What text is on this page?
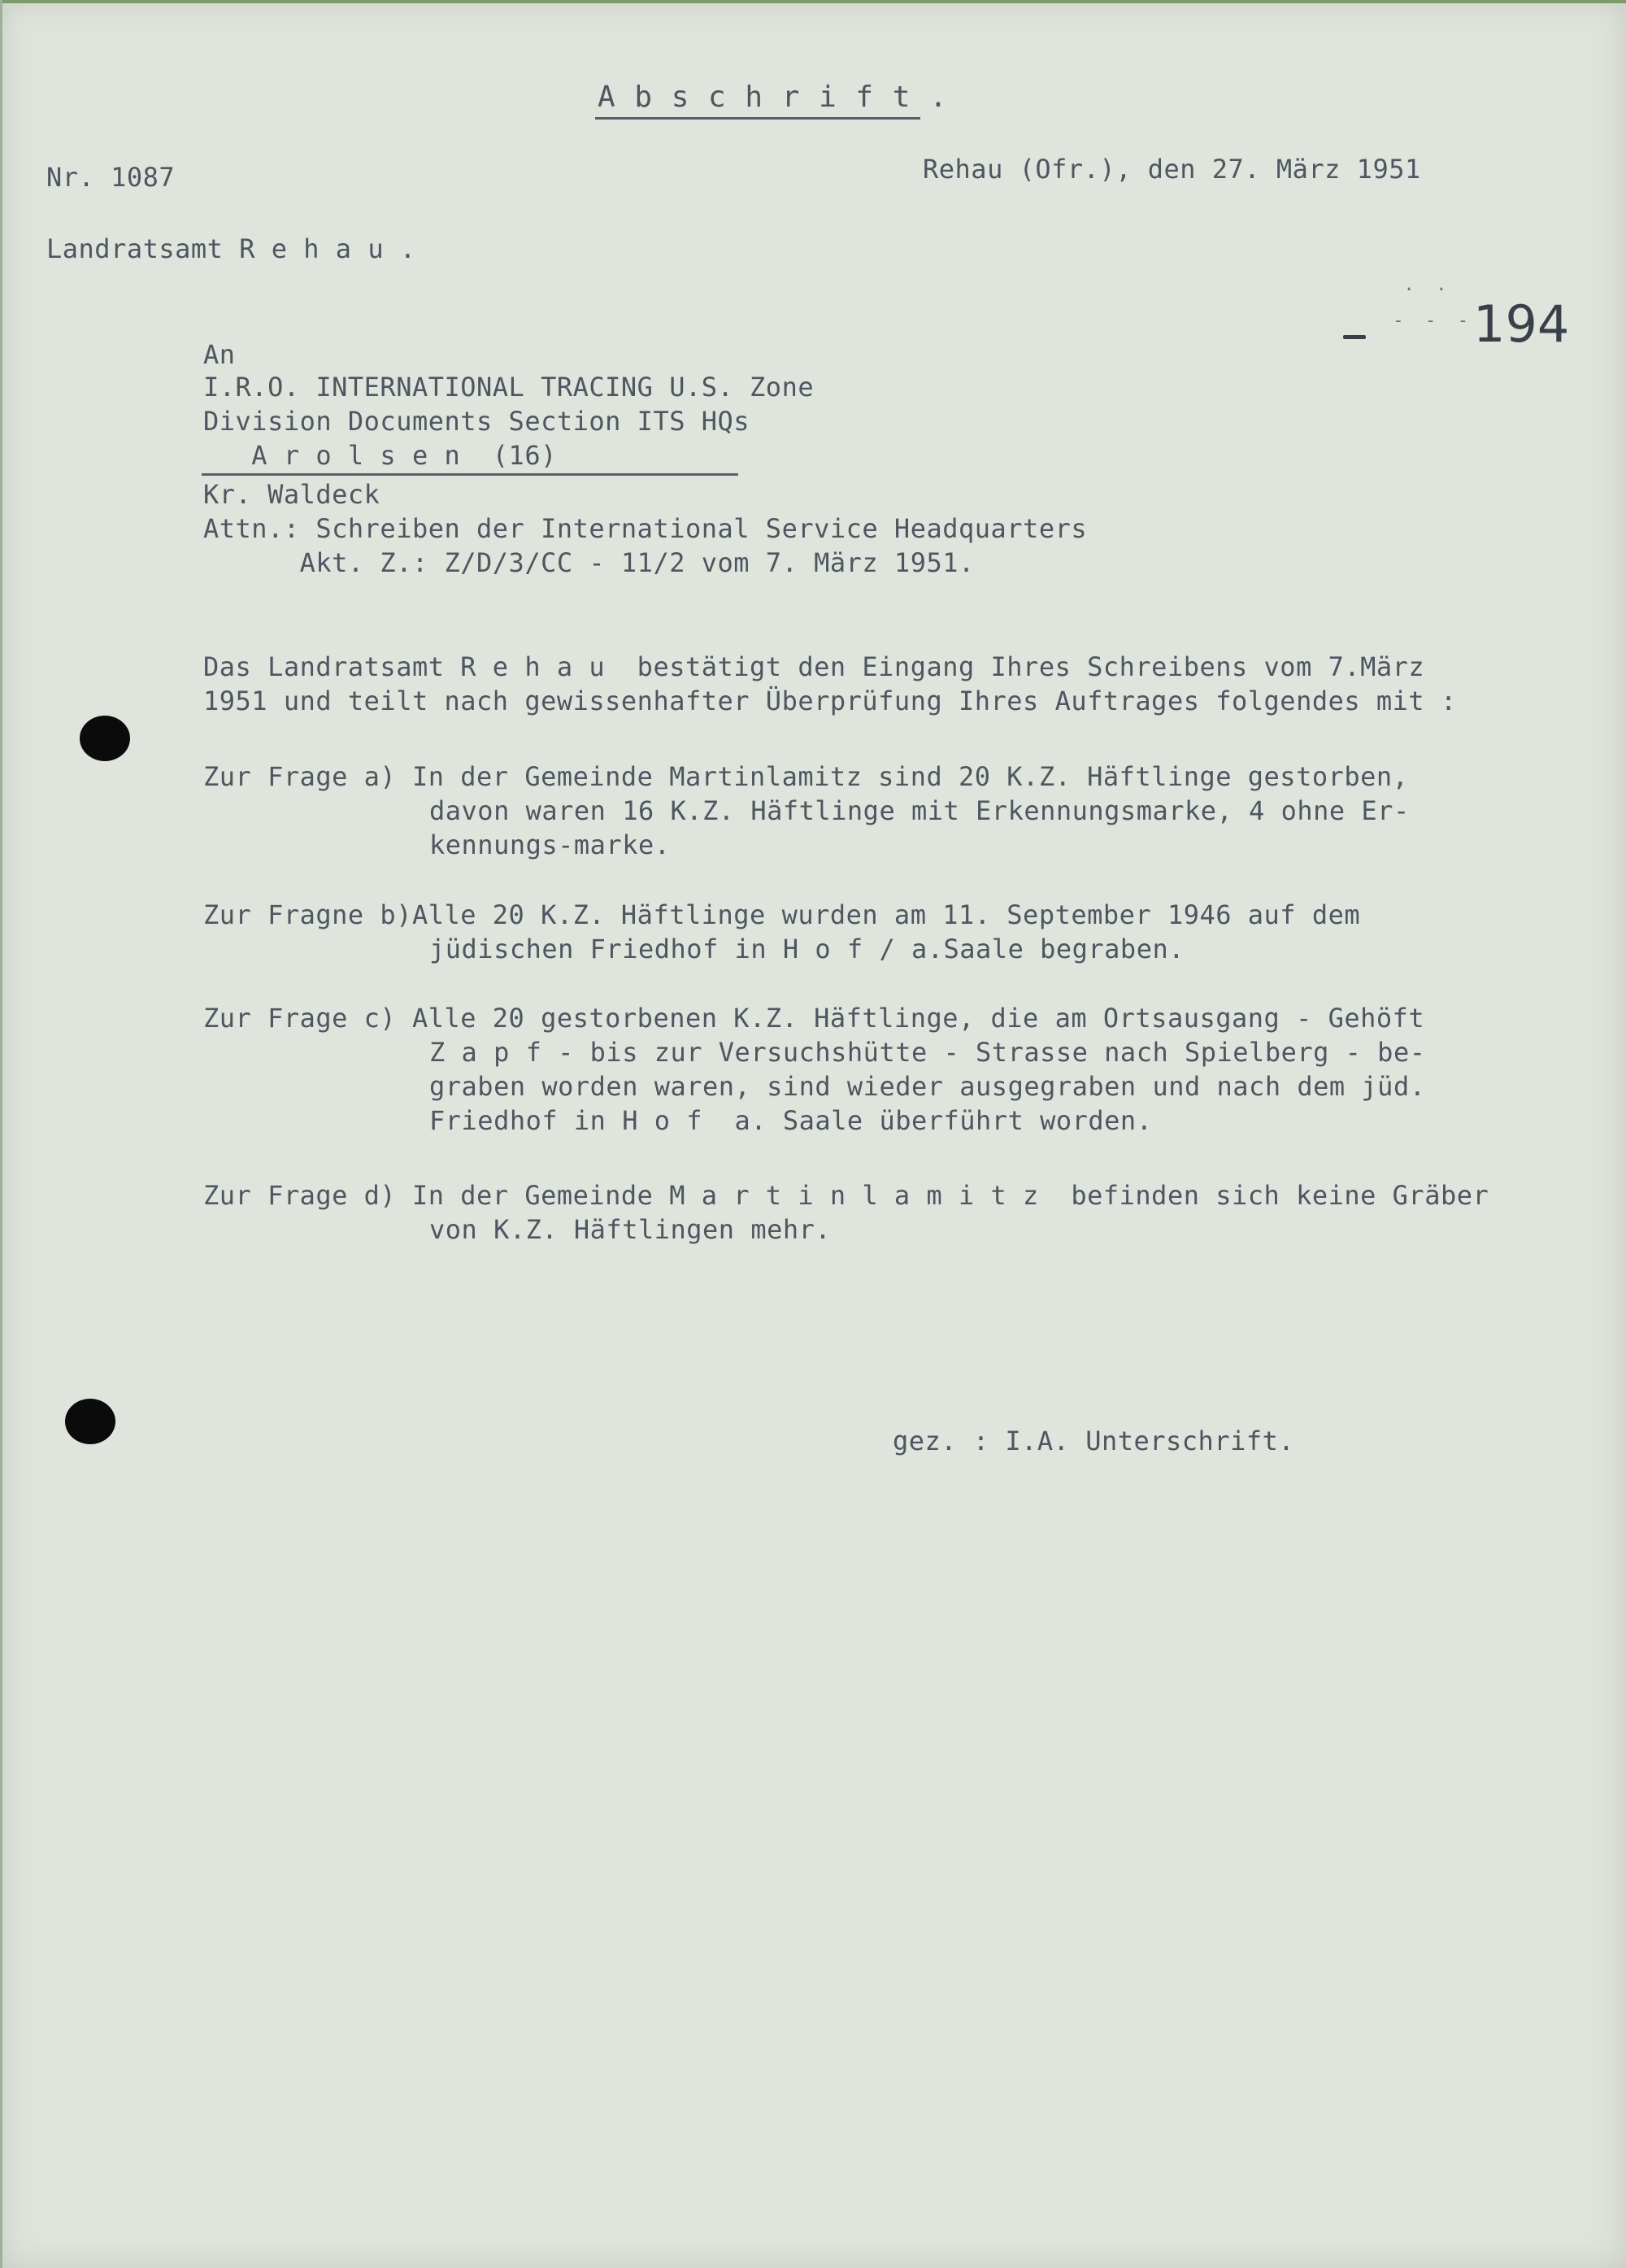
A b s c h r i f t .
Nr. 1087	Rehau (Ofr.), den 27. März 1951
Landratsamt R e h a u .
.  .

-  -  - 194
An
I.R.O. INTERNATIONAL TRACING U.S. Zone
Division Documents Section ITS HQs
A r o l s e n  (16)
Kr. Waldeck
Attn.: Schreiben der International Service Headquarters
Akt. Z.: Z/D/3/CC - 11/2 vom 7. März 1951.
Das Landratsamt R e h a u  bestätigt den Eingang Ihres Schreibens vom 7.März
1951 und teilt nach gewissenhafter Überprüfung Ihres Auftrages folgendes mit :
Zur Frage a) In der Gemeinde Martinlamitz sind 20 K.Z. Häftlinge gestorben,
davon waren 16 K.Z. Häftlinge mit Erkennungsmarke, 4 ohne Er-
kennungs-marke.
Zur Fragne b)Alle 20 K.Z. Häftlinge wurden am 11. September 1946 auf dem
jüdischen Friedhof in H o f / a.Saale begraben.
Zur Frage c) Alle 20 gestorbenen K.Z. Häftlinge, die am Ortsausgang - Gehöft
Z a p f - bis zur Versuchshütte - Strasse nach Spielberg - be-
graben worden waren, sind wieder ausgegraben und nach dem jüd.
Friedhof in H o f  a. Saale überführt worden.
Zur Frage d) In der Gemeinde M a r t i n l a m i t z  befinden sich keine Gräber
von K.Z. Häftlingen mehr.
gez. : I.A. Unterschrift.
